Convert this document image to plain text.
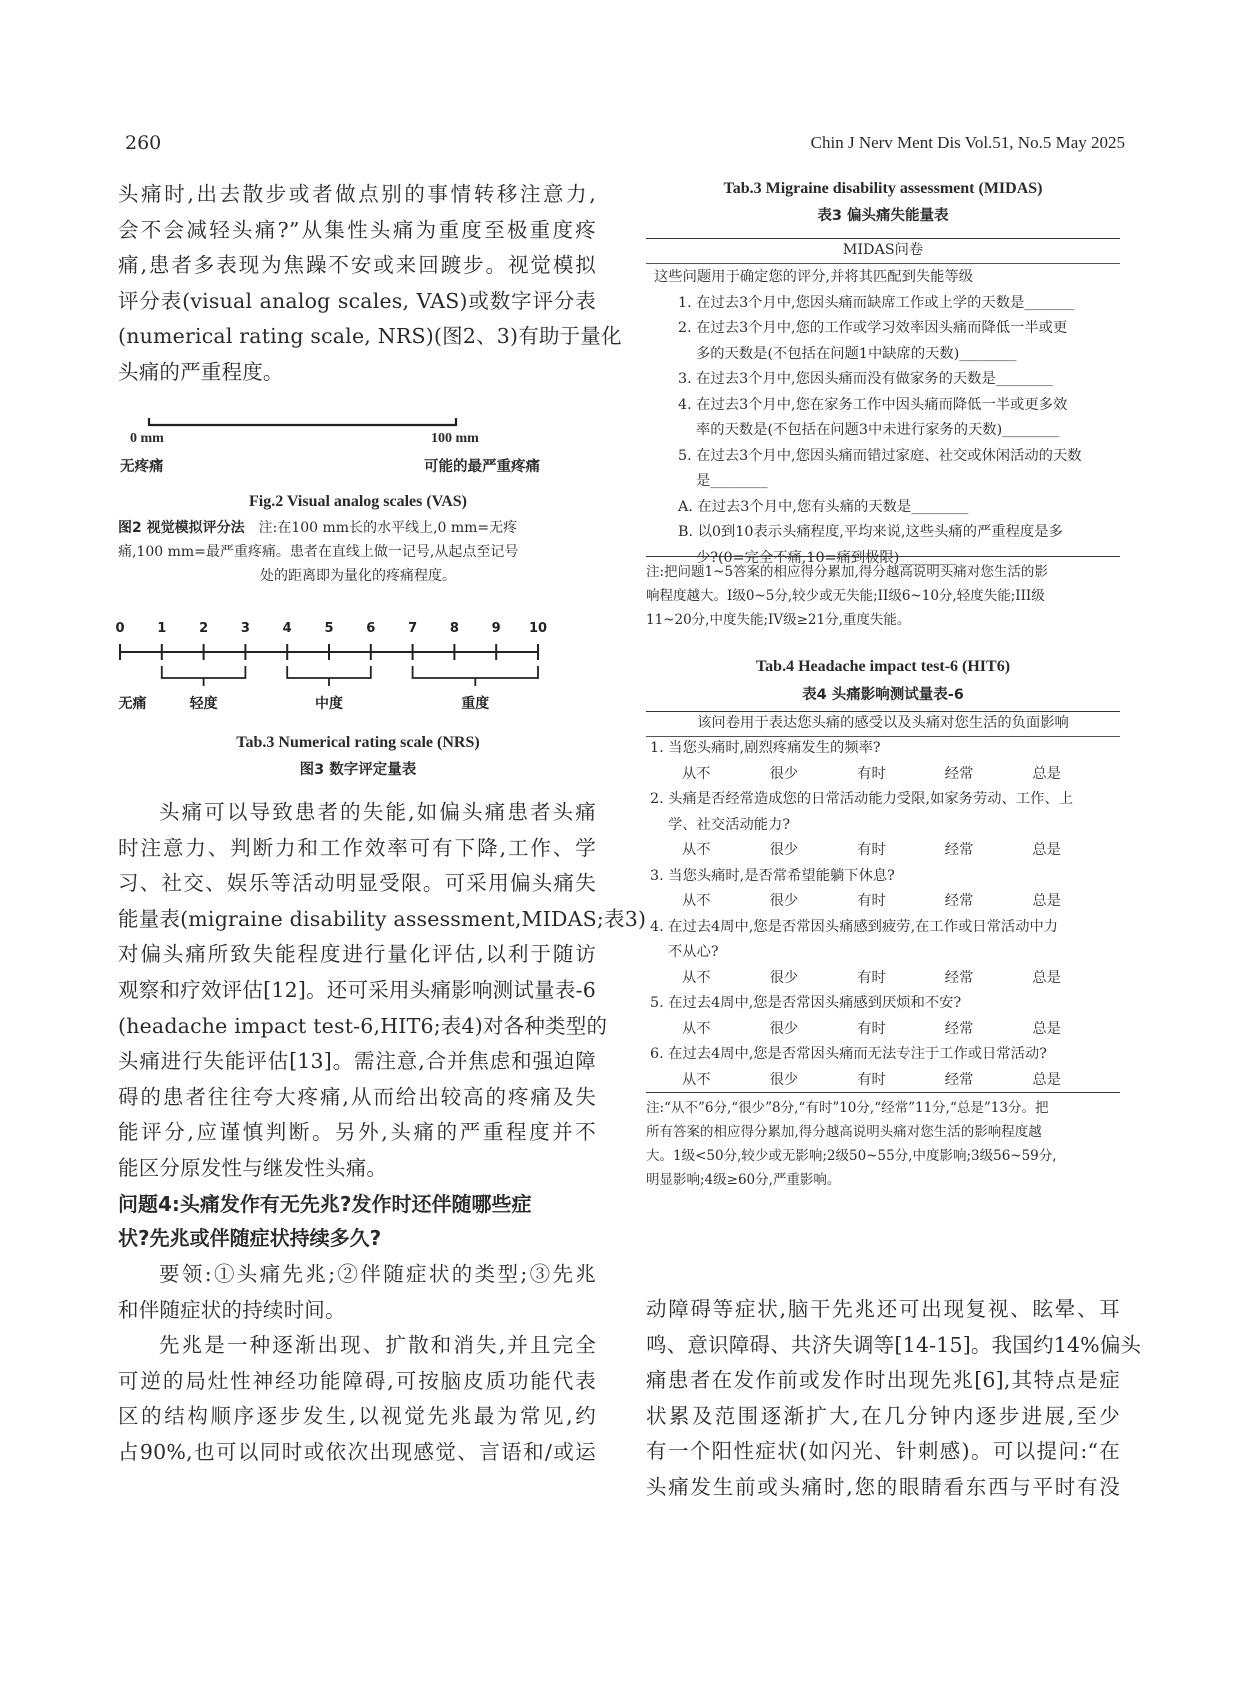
260	Chin J Nerv Ment Dis Vol.51, No.5 May 2025
头痛时,出去散步或者做点别的事情转移注意力,
会不会减轻头痛?”从集性头痛为重度至极重度疼
痛,患者多表现为焦躁不安或来回踱步。视觉模拟
评分表(visual analog scales, VAS)或数字评分表
(numerical rating scale, NRS)(图2、3)有助于量化
头痛的严重程度。
0 mm	100 mm
无疼痛	可能的最严重疼痛
Fig.2 Visual analog scales (VAS)
图2 视觉模拟评分法 注:在100 mm长的水平线上,0 mm=无疼
痛,100 mm=最严重疼痛。患者在直线上做一记号,从起点至记号
处的距离即为量化的疼痛程度。
0	1	2	3	4	5	6	7	8	9 10
无痛	轻度	中度	重度
Tab.3 Numerical rating scale (NRS)
图3 数字评定量表
头痛可以导致患者的失能,如偏头痛患者头痛
时注意力、判断力和工作效率可有下降,工作、学
习、社交、娱乐等活动明显受限。可采用偏头痛失
能量表(migraine disability assessment,MIDAS;表3)
对偏头痛所致失能程度进行量化评估,以利于随访
观察和疗效评估[12]。还可采用头痛影响测试量表-6
(headache impact test-6,HIT6;表4)对各种类型的
头痛进行失能评估[13]。需注意,合并焦虑和强迫障
碍的患者往往夸大疼痛,从而给出较高的疼痛及失
能评分,应谨慎判断。另外,头痛的严重程度并不
能区分原发性与继发性头痛。
问题4:头痛发作有无先兆?发作时还伴随哪些症
状?先兆或伴随症状持续多久?
要领:①头痛先兆;②伴随症状的类型;③先兆
和伴随症状的持续时间。
先兆是一种逐渐出现、扩散和消失,并且完全
可逆的局灶性神经功能障碍,可按脑皮质功能代表
区的结构顺序逐步发生,以视觉先兆最为常见,约
占90%,也可以同时或依次出现感觉、言语和/或运
Tab.3 Migraine disability assessment (MIDAS)
表3 偏头痛失能量表
MIDAS问卷
这些问题用于确定您的评分,并将其匹配到失能等级
1. 在过去3个月中,您因头痛而缺席工作或上学的天数是_______
2. 在过去3个月中,您的工作或学习效率因头痛而降低一半或更
多的天数是(不包括在问题1中缺席的天数)________
3. 在过去3个月中,您因头痛而没有做家务的天数是________
4. 在过去3个月中,您在家务工作中因头痛而降低一半或更多效
率的天数是(不包括在问题3中未进行家务的天数)________
5. 在过去3个月中,您因头痛而错过家庭、社交或休闲活动的天数
是________
A. 在过去3个月中,您有头痛的天数是________
B. 以0到10表示头痛程度,平均来说,这些头痛的严重程度是多
少?(0=完全不痛,10=痛到极限)________
注:把问题1~5答案的相应得分累加,得分越高说明头痛对您生活的影
响程度越大。I级0~5分,较少或无失能;II级6~10分,轻度失能;III级
11~20分,中度失能;IV级≥21分,重度失能。
Tab.4 Headache impact test-6 (HIT6)
表4 头痛影响测试量表-6
该问卷用于表达您头痛的感受以及头痛对您生活的负面影响
1. 当您头痛时,剧烈疼痛发生的频率?
从不	很少	有时	经常	总是
2. 头痛是否经常造成您的日常活动能力受限,如家务劳动、工作、上
学、社交活动能力?
从不	很少	有时	经常	总是
3. 当您头痛时,是否常希望能躺下休息?
从不	很少	有时	经常	总是
4. 在过去4周中,您是否常因头痛感到疲劳,在工作或日常活动中力
不从心?
从不	很少	有时	经常	总是
5. 在过去4周中,您是否常因头痛感到厌烦和不安?
从不	很少	有时	经常	总是
6. 在过去4周中,您是否常因头痛而无法专注于工作或日常活动?
从不	很少	有时	经常	总是
注:“从不”6分,“很少”8分,“有时”10分,“经常”11分,“总是”13分。把
所有答案的相应得分累加,得分越高说明头痛对您生活的影响程度越
大。1级<50分,较少或无影响;2级50~55分,中度影响;3级56~59分,
明显影响;4级≥60分,严重影响。
动障碍等症状,脑干先兆还可出现复视、眩晕、耳
鸣、意识障碍、共济失调等[14-15]。我国约14%偏头
痛患者在发作前或发作时出现先兆[6],其特点是症
状累及范围逐渐扩大,在几分钟内逐步进展,至少
有一个阳性症状(如闪光、针刺感)。可以提问:“在
头痛发生前或头痛时,您的眼睛看东西与平时有没
